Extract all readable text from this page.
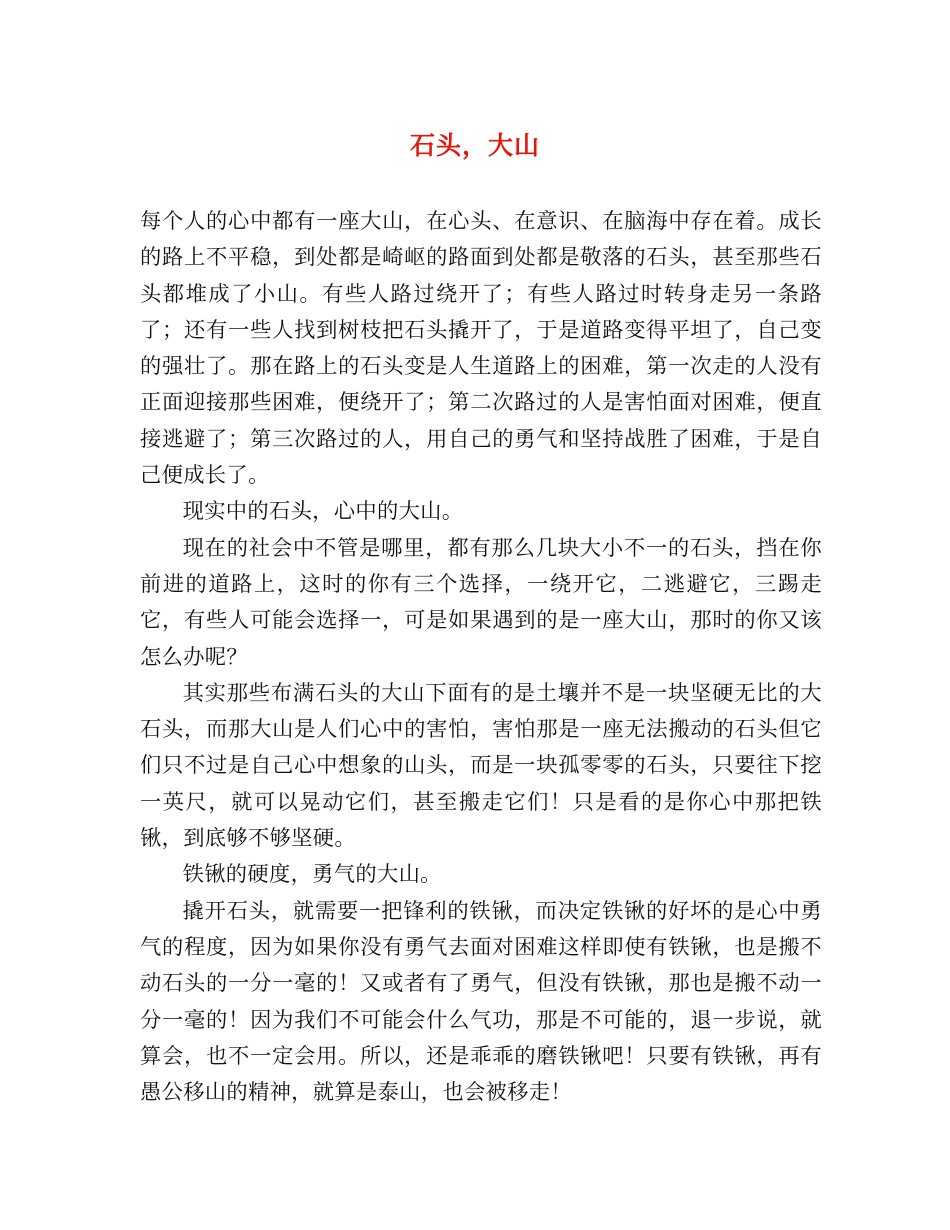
石头，大山

每个人的心中都有一座大山，在心头、在意识、在脑海中存在着。成长的路上不平稳，到处都是崎岖的路面到处都是敬落的石头，甚至那些石头都堆成了小山。有些人路过绕开了；有些人路过时转身走另一条路了；还有一些人找到树枝把石头撬开了，于是道路变得平坦了，自己变的强壮了。那在路上的石头变是人生道路上的困难，第一次走的人没有正面迎接那些困难，便绕开了；第二次路过的人是害怕面对困难，便直接逃避了；第三次路过的人，用自己的勇气和坚持战胜了困难，于是自己便成长了。

现实中的石头，心中的大山。

现在的社会中不管是哪里，都有那么几块大小不一的石头，挡在你前进的道路上，这时的你有三个选择，一绕开它，二逃避它，三踢走它，有些人可能会选择一，可是如果遇到的是一座大山，那时的你又该怎么办呢？

其实那些布满石头的大山下面有的是土壤并不是一块坚硬无比的大石头，而那大山是人们心中的害怕，害怕那是一座无法搬动的石头但它们只不过是自己心中想象的山头，而是一块孤零零的石头，只要往下挖一英尺，就可以晃动它们，甚至搬走它们！只是看的是你心中那把铁锹，到底够不够坚硬。

铁锹的硬度，勇气的大山。

撬开石头，就需要一把锋利的铁锹，而决定铁锹的好坏的是心中勇气的程度，因为如果你没有勇气去面对困难这样即使有铁锹，也是搬不动石头的一分一毫的！又或者有了勇气，但没有铁锹，那也是搬不动一分一毫的！因为我们不可能会什么气功，那是不可能的，退一步说，就算会，也不一定会用。所以，还是乖乖的磨铁锹吧！只要有铁锹，再有愚公移山的精神，就算是泰山，也会被移走！
